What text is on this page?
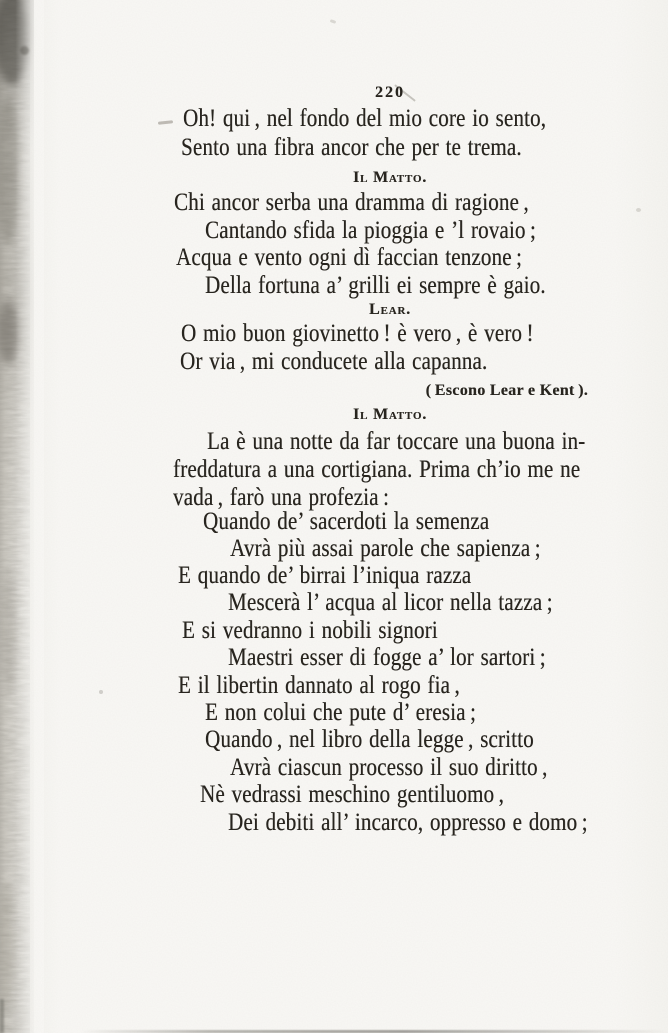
220
Oh! qui , nel fondo del mio core io sento,
Sento una fibra ancor che per te trema.
Il Matto.
Chi ancor serba una dramma di ragione ,
Cantando sfida la pioggia e ’l rovaio ;
Acqua e vento ogni dì faccian tenzone ;
Della fortuna a’ grilli ei sempre è gaio.
Lear.
O mio buon giovinetto ! è vero , è vero !
Or via , mi conducete alla capanna.
( Escono Lear e Kent ).
Il Matto.
La è una notte da far toccare una buona in-
freddatura a una cortigiana. Prima ch’io me ne
vada , farò una profezia :
Quando de’ sacerdoti la semenza
Avrà più assai parole che sapienza ;
E quando de’ birrai l’iniqua razza
Mescerà l’ acqua al licor nella tazza ;
E si vedranno i nobili signori
Maestri esser di fogge a’ lor sartori ;
E il libertin dannato al rogo fia ,
E non colui che pute d’ eresia ;
Quando , nel libro della legge , scritto
Avrà ciascun processo il suo diritto ,
Nè vedrassi meschino gentiluomo ,
Dei debiti all’ incarco, oppresso e domo ;
